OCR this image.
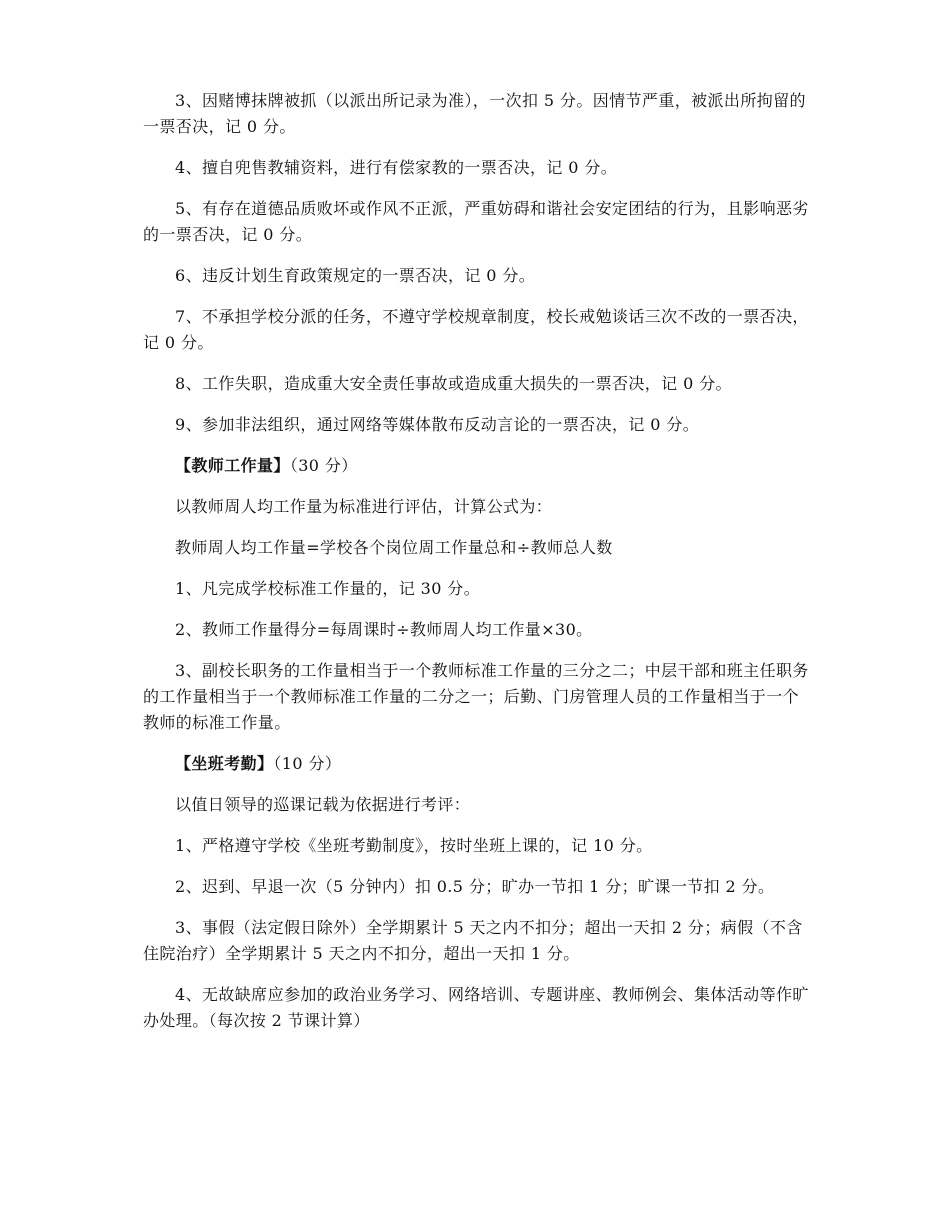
3、因赌博抹牌被抓（以派出所记录为准），一次扣 5 分。因情节严重，被派出所拘留的一票否决，记 0 分。

4、擅自兜售教辅资料，进行有偿家教的一票否决，记 0 分。

5、有存在道德品质败坏或作风不正派，严重妨碍和谐社会安定团结的行为，且影响恶劣的一票否决，记 0 分。

6、违反计划生育政策规定的一票否决，记 0 分。

7、不承担学校分派的任务，不遵守学校规章制度，校长戒勉谈话三次不改的一票否决，记 0 分。

8、工作失职，造成重大安全责任事故或造成重大损失的一票否决，记 0 分。

9、参加非法组织，通过网络等媒体散布反动言论的一票否决，记 0 分。

【教师工作量】（30 分）

以教师周人均工作量为标准进行评估，计算公式为：

教师周人均工作量=学校各个岗位周工作量总和÷教师总人数

1、凡完成学校标准工作量的，记 30 分。

2、教师工作量得分=每周课时÷教师周人均工作量×30。

3、副校长职务的工作量相当于一个教师标准工作量的三分之二；中层干部和班主任职务的工作量相当于一个教师标准工作量的二分之一；后勤、门房管理人员的工作量相当于一个教师的标准工作量。

【坐班考勤】（10 分）

以值日领导的巡课记载为依据进行考评：

1、严格遵守学校《坐班考勤制度》，按时坐班上课的，记 10 分。

2、迟到、早退一次（5 分钟内）扣 0.5 分；旷办一节扣 1 分；旷课一节扣 2 分。

3、事假（法定假日除外）全学期累计 5 天之内不扣分；超出一天扣 2 分；病假（不含住院治疗）全学期累计 5 天之内不扣分，超出一天扣 1 分。

4、无故缺席应参加的政治业务学习、网络培训、专题讲座、教师例会、集体活动等作旷办处理。（每次按 2 节课计算）
